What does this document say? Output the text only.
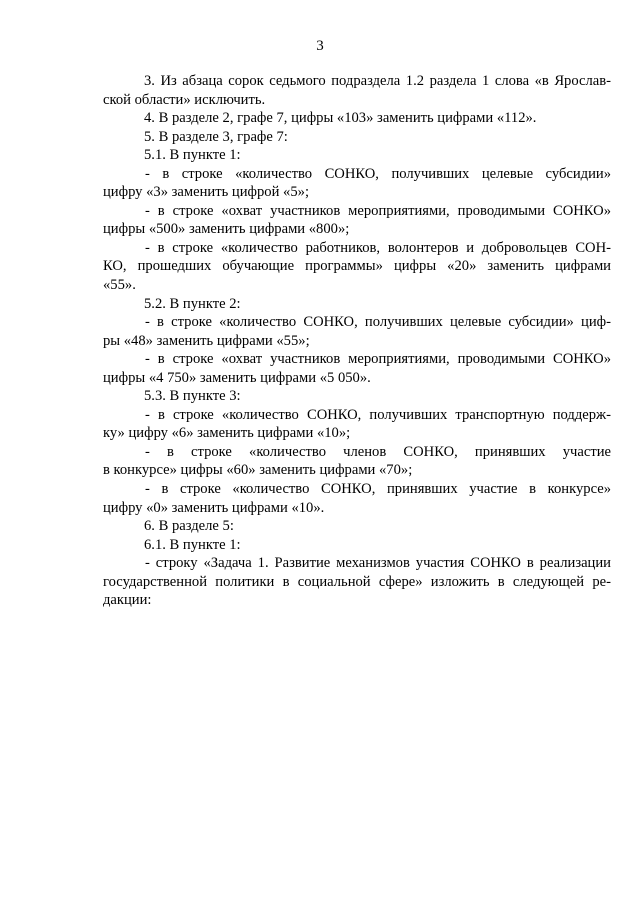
3
3. Из абзаца сорок седьмого подраздела 1.2 раздела 1 слова «в Ярослав-
ской области» исключить.
4. В разделе 2, графе 7, цифры «103» заменить цифрами «112».
5. В разделе 3, графе 7:
5.1. В пункте 1:
- в строке «количество СОНКО, получивших целевые субсидии»
цифру «3» заменить цифрой «5»;
- в строке «охват участников мероприятиями, проводимыми СОНКО»
цифры «500» заменить цифрами «800»;
- в строке «количество работников, волонтеров и добровольцев СОН-
КО, прошедших обучающие программы» цифры «20» заменить цифрами
«55».
5.2. В пункте 2:
- в строке «количество СОНКО, получивших целевые субсидии» циф-
ры «48» заменить цифрами «55»;
- в строке «охват участников мероприятиями, проводимыми СОНКО»
цифры «4 750» заменить цифрами «5 050».
5.3. В пункте 3:
- в строке «количество СОНКО, получивших транспортную поддерж-
ку» цифру «6» заменить цифрами «10»;
- в строке «количество членов СОНКО, принявших участие
в конкурсе» цифры «60» заменить цифрами «70»;
- в строке «количество СОНКО, принявших участие в конкурсе»
цифру «0» заменить цифрами «10».
6. В разделе 5:
6.1. В пункте 1:
- строку «Задача 1. Развитие механизмов участия СОНКО в реализации
государственной политики в социальной сфере» изложить в следующей ре-
дакции:
